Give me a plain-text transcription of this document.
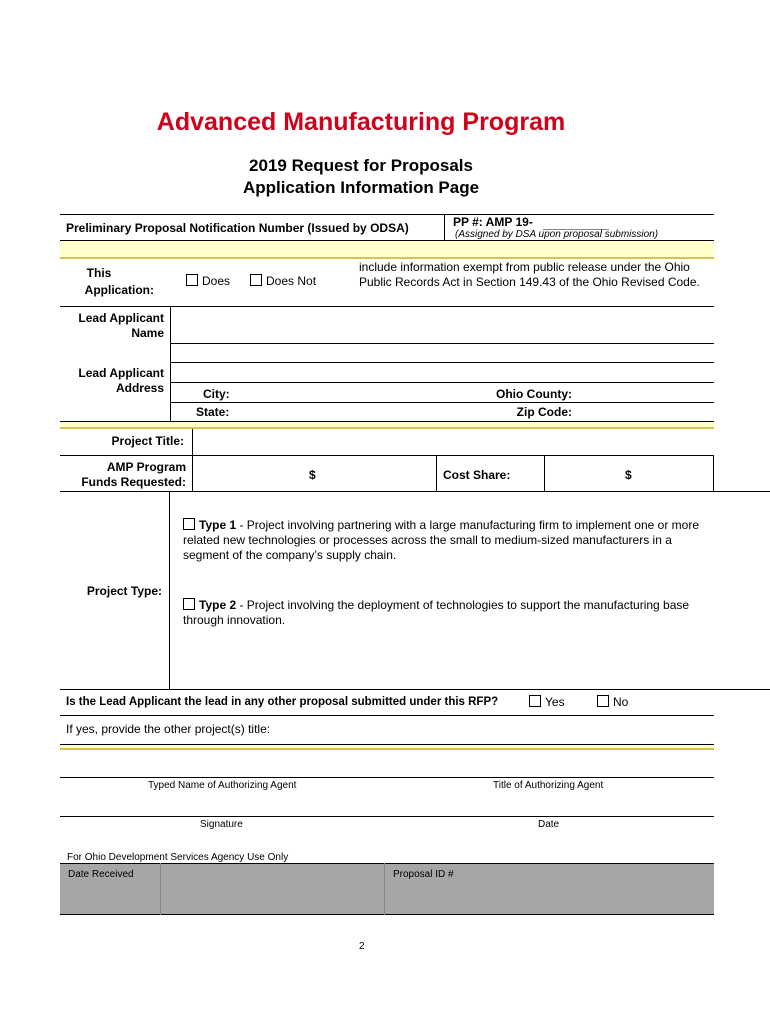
Advanced Manufacturing Program
2019 Request for Proposals
Application Information Page
Preliminary Proposal Notification Number (Issued by ODSA)	PP #: AMP 19-
(Assigned by DSA upon proposal submission)
This
Application:
Does	Does Not
include information exempt from public release under the Ohio Public Records Act in Section 149.43 of the Ohio Revised Code.
Lead Applicant
Name
Lead Applicant
Address	City:	Ohio County:
State:	Zip Code:
Project Title:
AMP Program
Funds Requested:	$	Cost Share:	$
Project Type:
Type 1 - Project involving partnering with a large manufacturing firm to implement one or more related new technologies or processes across the small to medium-sized manufacturers in a segment of the company’s supply chain.
Type 2 - Project involving the deployment of technologies to support the manufacturing base through innovation.
Is the Lead Applicant the lead in any other proposal submitted under this RFP?	Yes	No
If yes, provide the other project(s) title:
Typed Name of Authorizing Agent	Title of Authorizing Agent
Signature	Date
For Ohio Development Services Agency Use Only
Date Received	Proposal ID #
2
